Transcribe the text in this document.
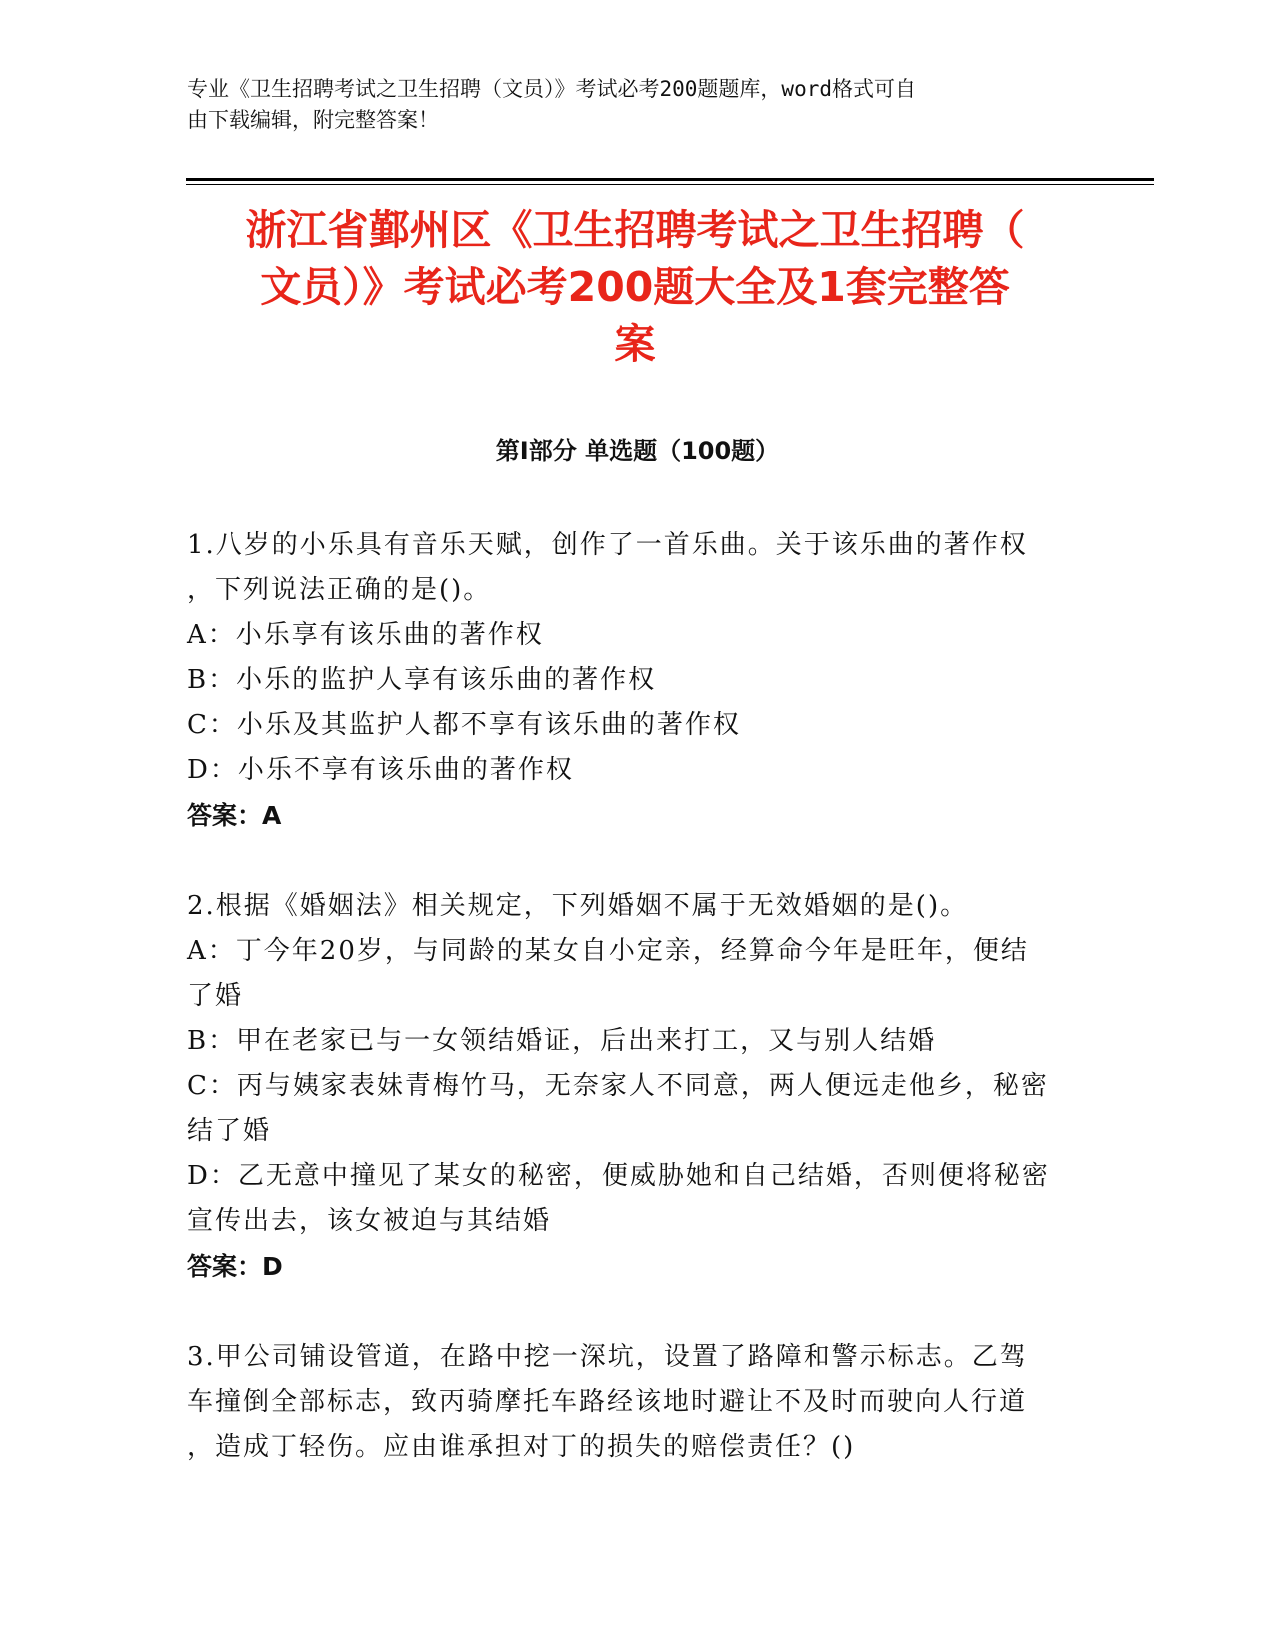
专业《卫生招聘考试之卫生招聘（文员）》考试必考200题题库，word格式可自
由下载编辑，附完整答案！
浙江省鄞州区《卫生招聘考试之卫生招聘（
文员）》考试必考200题大全及1套完整答
案
第I部分 单选题（100题）
1.八岁的小乐具有音乐天赋，创作了一首乐曲。关于该乐曲的著作权
，下列说法正确的是()。
A：小乐享有该乐曲的著作权
B：小乐的监护人享有该乐曲的著作权
C：小乐及其监护人都不享有该乐曲的著作权
D：小乐不享有该乐曲的著作权
答案：A
2.根据《婚姻法》相关规定，下列婚姻不属于无效婚姻的是()。
A：丁今年20岁，与同龄的某女自小定亲，经算命今年是旺年，便结
了婚
B：甲在老家已与一女领结婚证，后出来打工，又与别人结婚
C：丙与姨家表妹青梅竹马，无奈家人不同意，两人便远走他乡，秘密
结了婚
D：乙无意中撞见了某女的秘密，便威胁她和自己结婚，否则便将秘密
宣传出去，该女被迫与其结婚
答案：D
3.甲公司铺设管道，在路中挖一深坑，设置了路障和警示标志。乙驾
车撞倒全部标志，致丙骑摩托车路经该地时避让不及时而驶向人行道
，造成丁轻伤。应由谁承担对丁的损失的赔偿责任？()
